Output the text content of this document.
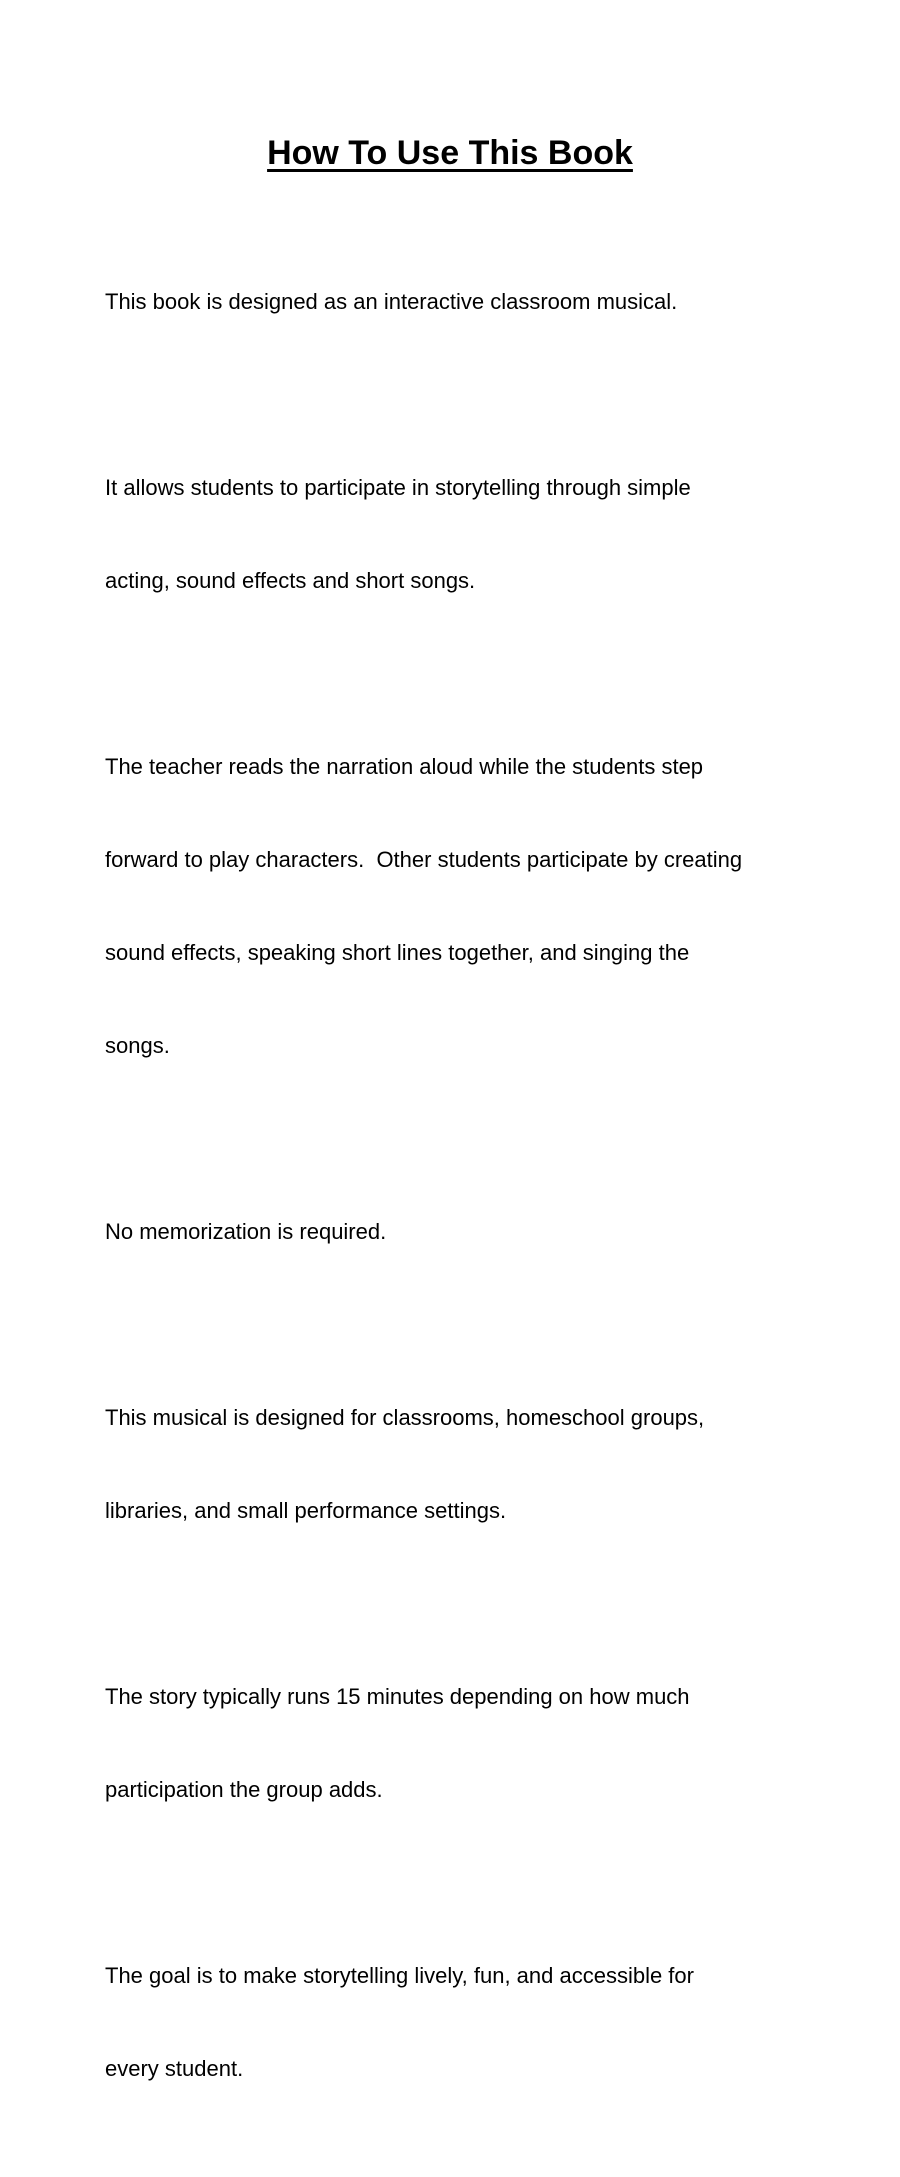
How To Use This Book

This book is designed as an interactive classroom musical.

It allows students to participate in storytelling through simple

acting, sound effects and short songs.

The teacher reads the narration aloud while the students step

forward to play characters.  Other students participate by creating

sound effects, speaking short lines together, and singing the

songs.

No memorization is required.

This musical is designed for classrooms, homeschool groups,

libraries, and small performance settings.

The story typically runs 15 minutes depending on how much

participation the group adds.

The goal is to make storytelling lively, fun, and accessible for

every student.
